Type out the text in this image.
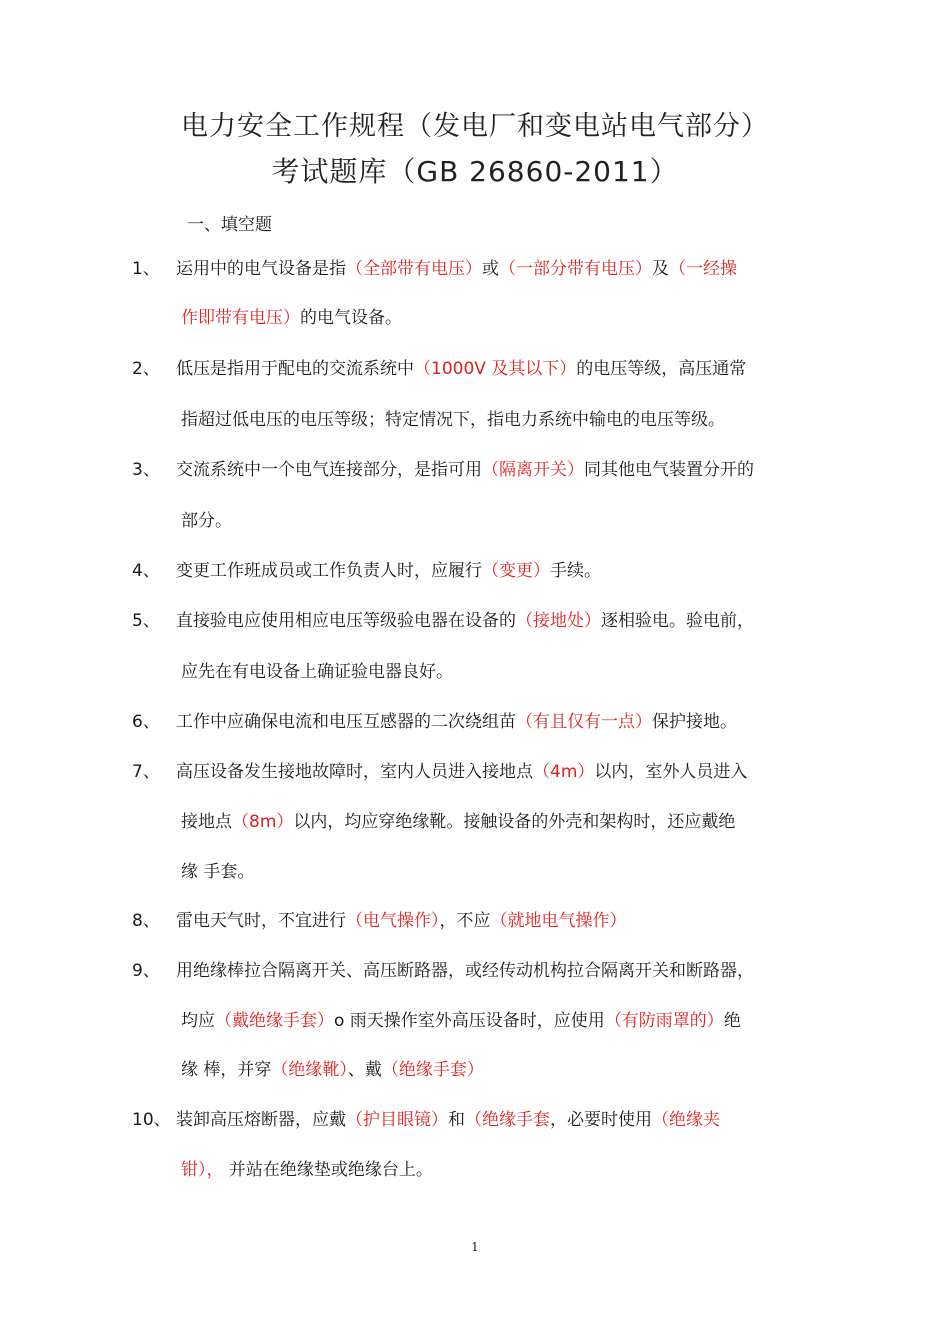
电力安全工作规程（发电厂和变电站电气部分）
考试题库（GB 26860-2011）
一、填空题
1、 运用中的电气设备是指（全部带有电压）或（一部分带有电压）及（一经操
作即带有电压）的电气设备。
2、 低压是指用于配电的交流系统中（1000V 及其以下）的电压等级，高压通常
指超过低电压的电压等级；特定情况下，指电力系统中输电的电压等级。
3、 交流系统中一个电气连接部分，是指可用（隔离开关）同其他电气装置分开的
部分。
4、 变更工作班成员或工作负责人时，应履行（变更）手续。
5、 直接验电应使用相应电压等级验电器在设备的（接地处）逐相验电。验电前，
应先在有电设备上确证验电器良好。
6、 工作中应确保电流和电压互感器的二次绕组苗（有且仅有一点）保护接地。
7、 高压设备发生接地故障时，室内人员进入接地点（4m）以内，室外人员进入
接地点（8m）以内，均应穿绝缘靴。接触设备的外壳和架构时，还应戴绝
缘 手套。
8、 雷电天气时，不宜进行（电气操作），不应（就地电气操作）
9、 用绝缘棒拉合隔离开关、高压断路器，或经传动机构拉合隔离开关和断路器，
均应（戴绝缘手套）o 雨天操作室外高压设备时，应使用（有防雨罩的）绝
缘 棒，并穿（绝缘靴）、戴（绝缘手套）
10、 装卸高压熔断器，应戴（护目眼镜）和（绝缘手套，必要时使用（绝缘夹
钳）， 并站在绝缘垫或绝缘台上。
1
